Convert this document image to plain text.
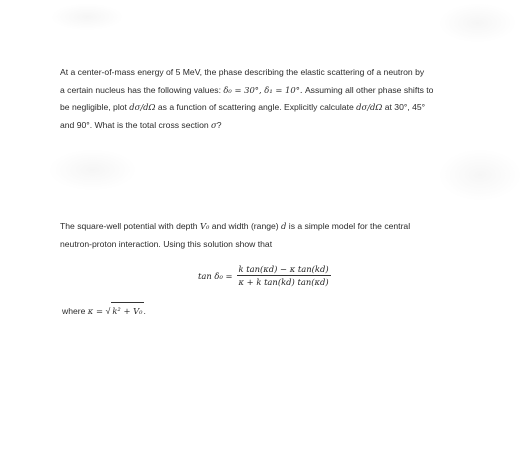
At a center-of-mass energy of 5 MeV, the phase describing the elastic scattering of a neutron by
a certain nucleus has the following values: δ₀ = 30°, δ₁ = 10°. Assuming all other phase shifts to
be negligible, plot dσ/dΩ as a function of scattering angle. Explicitly calculate dσ/dΩ at 30°, 45°
and 90°. What is the total cross section σ?
The square-well potential with depth V₀ and width (range) d is a simple model for the central
neutron-proton interaction. Using this solution show that
$\tan \delta_0 = \frac{\text{k tan(κd) − κ tan(kd)}}{\text{κ + k tan(kd) tan(κd)}}$
where κ = √ k² + V₀.
